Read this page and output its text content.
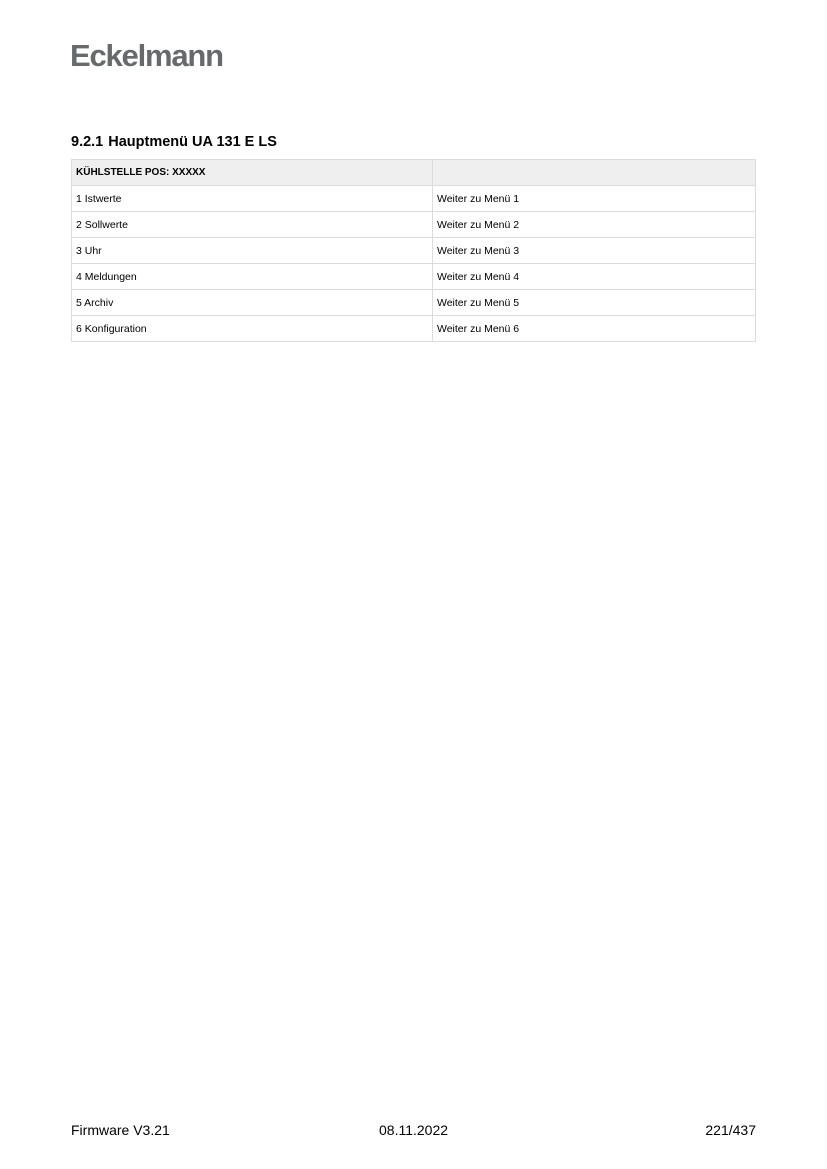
Eckelmann
9.2.1 Hauptmenü UA 131 E LS
KÜHLSTELLE POS: XXXXX	
1 Istwerte	Weiter zu Menü 1
2 Sollwerte	Weiter zu Menü 2
3 Uhr	Weiter zu Menü 3
4 Meldungen	Weiter zu Menü 4
5 Archiv	Weiter zu Menü 5
6 Konfiguration	Weiter zu Menü 6
Firmware V3.21	08.11.2022	221/437
